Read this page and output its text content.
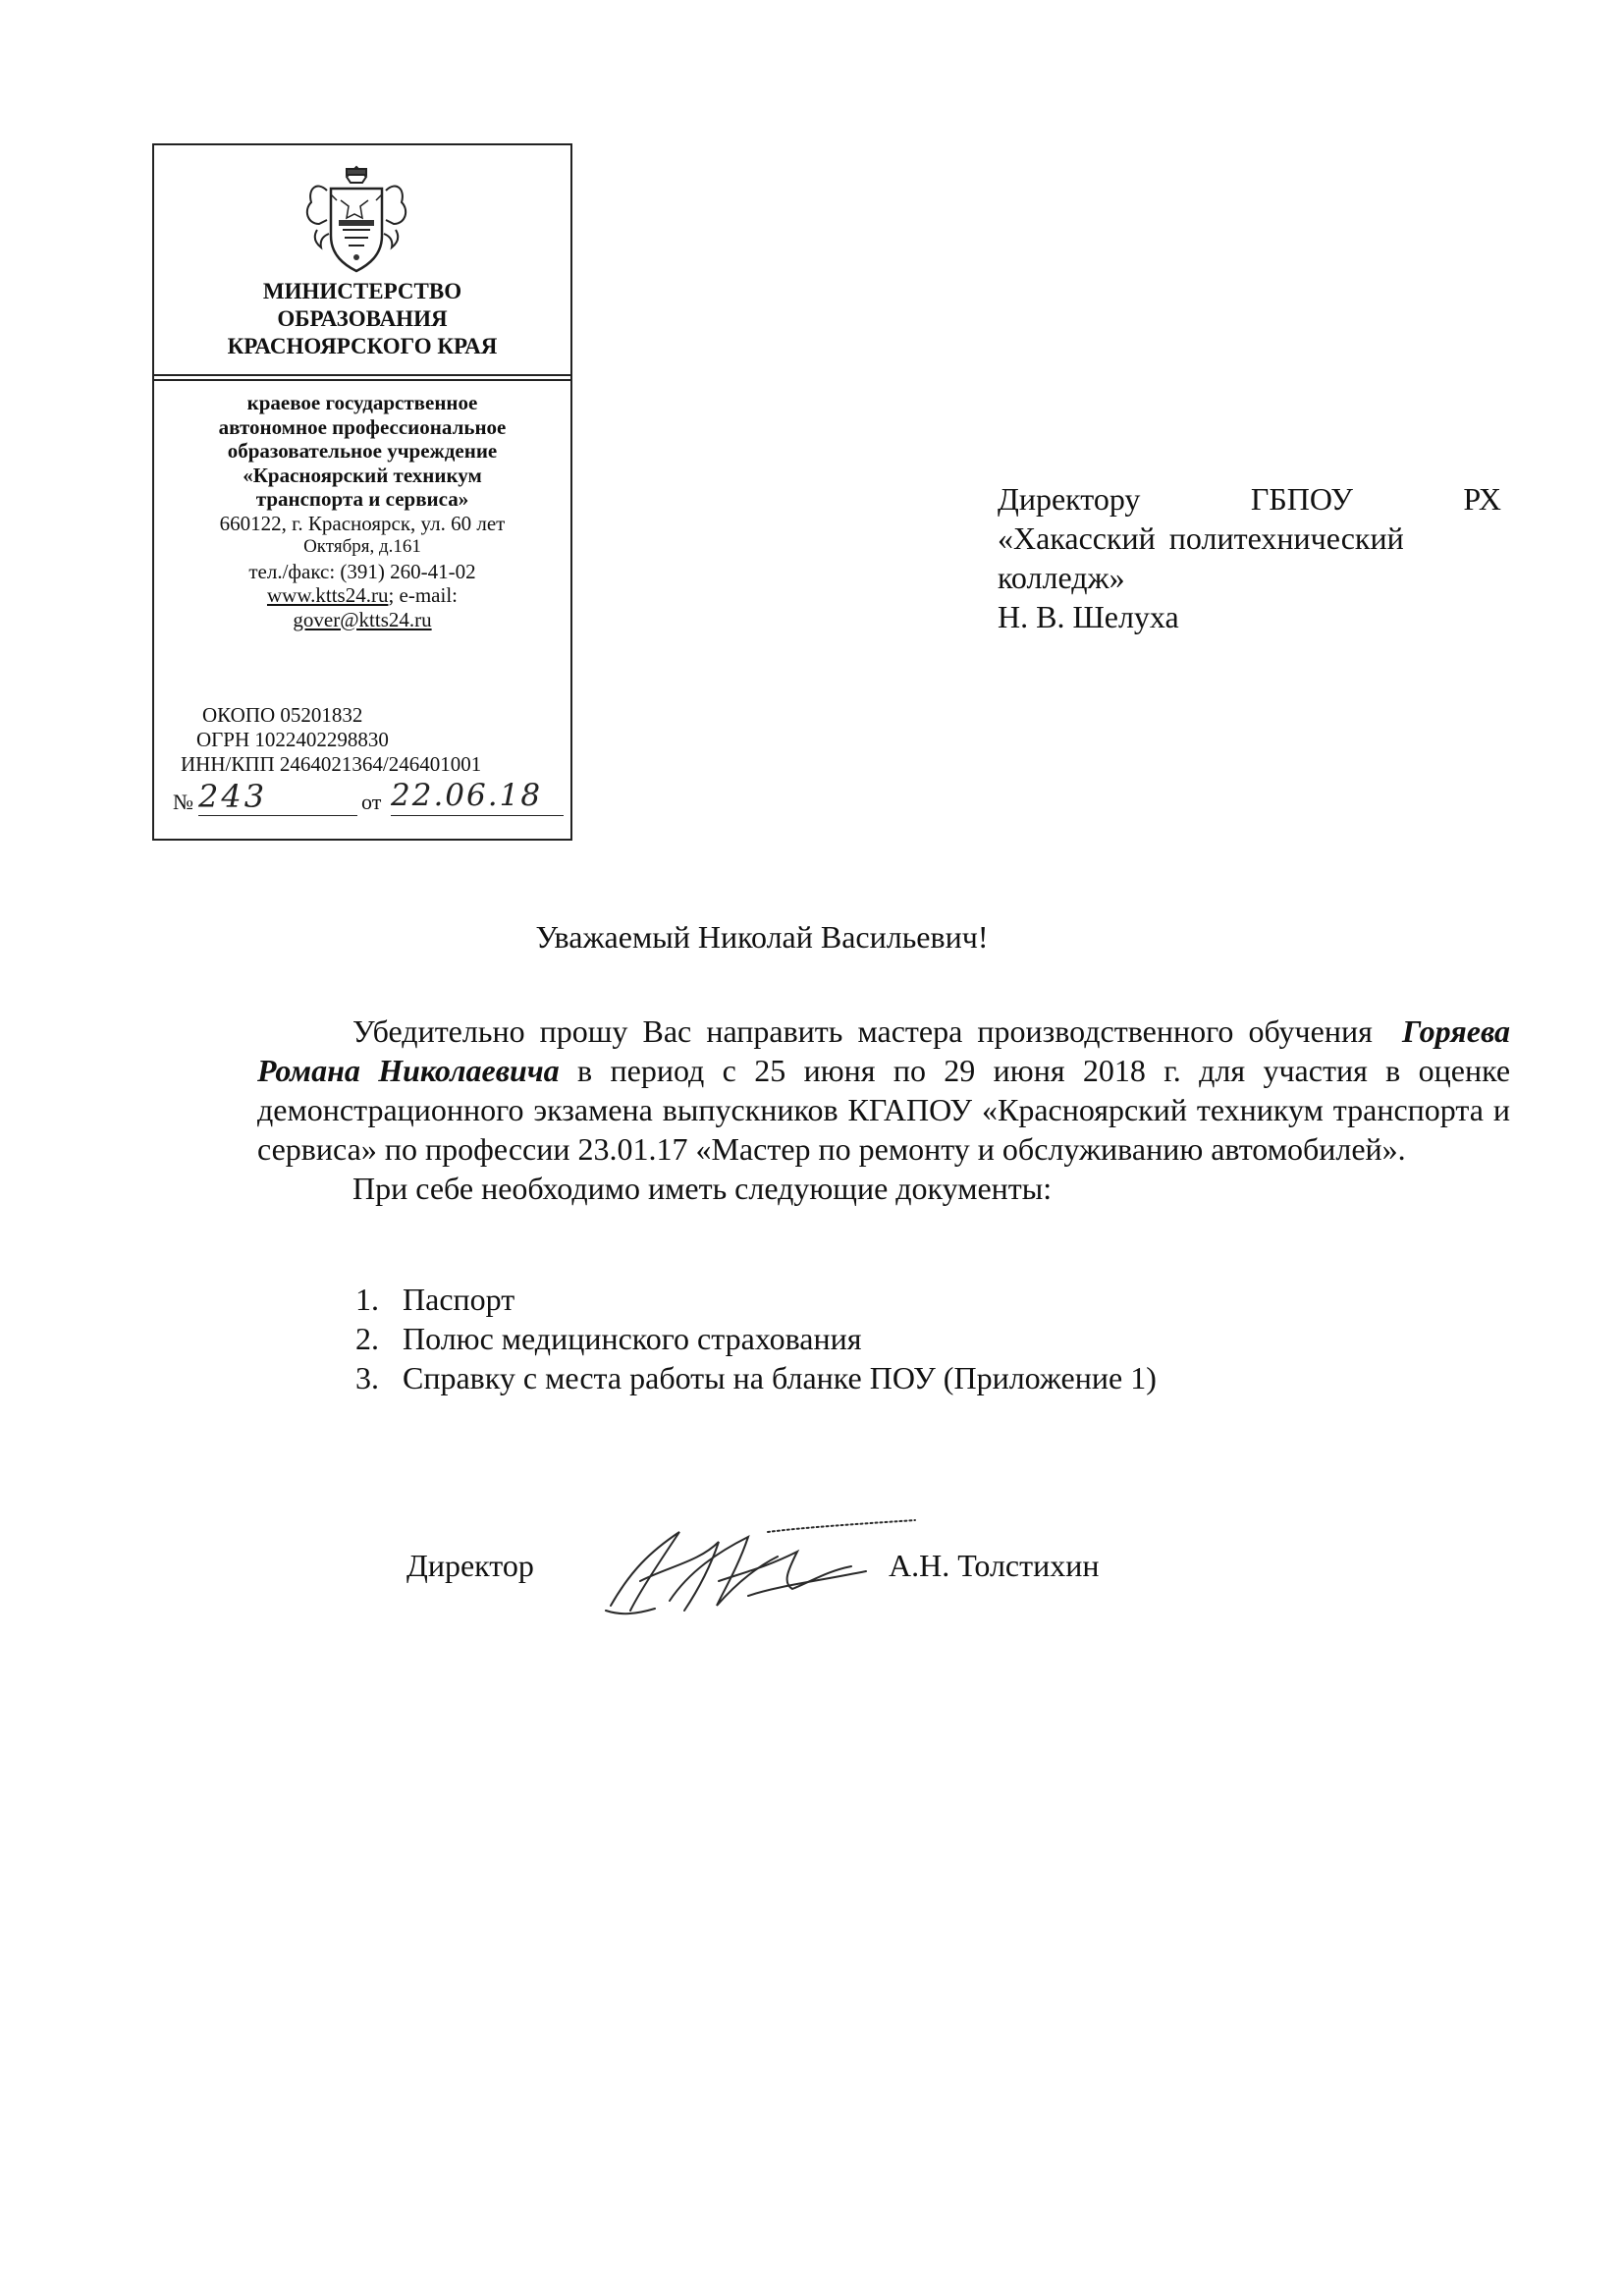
МИНИСТЕРСТВО
ОБРАЗОВАНИЯ
КРАСНОЯРСКОГО КРАЯ
краевое государственное
автономное профессиональное
образовательное учреждение
«Красноярский техникум
транспорта и сервиса»
660122, г. Красноярск, ул. 60 лет
Октября, д.161
тел./факс: (391) 260-41-02
www.ktts24.ru; e-mail:
gover@ktts24.ru
ОКОПО 05201832
ОГРН 1022402298830
ИНН/КПП 2464021364/246401001
№ 243	от 22.06.18
Директору	ГБПОУ	РХ
«Хакасский политехнический
колледж»
Н. В. Шелуха
Уважаемый Николай Васильевич!

Убедительно прошу Вас направить мастера производственного обучения Горяева Романа Николаевича в период с 25 июня по 29 июня 2018 г. для участия в оценке демонстрационного экзамена выпускников КГАПОУ «Красноярский техникум транспорта и сервиса» по профессии 23.01.17 «Мастер по ремонту и обслуживанию автомобилей».

При себе необходимо иметь следующие документы:

1. Паспорт
2. Полюс медицинского страхования
3. Справку с места работы на бланке ПОУ (Приложение 1)
Директор	А.Н. Толстихин
